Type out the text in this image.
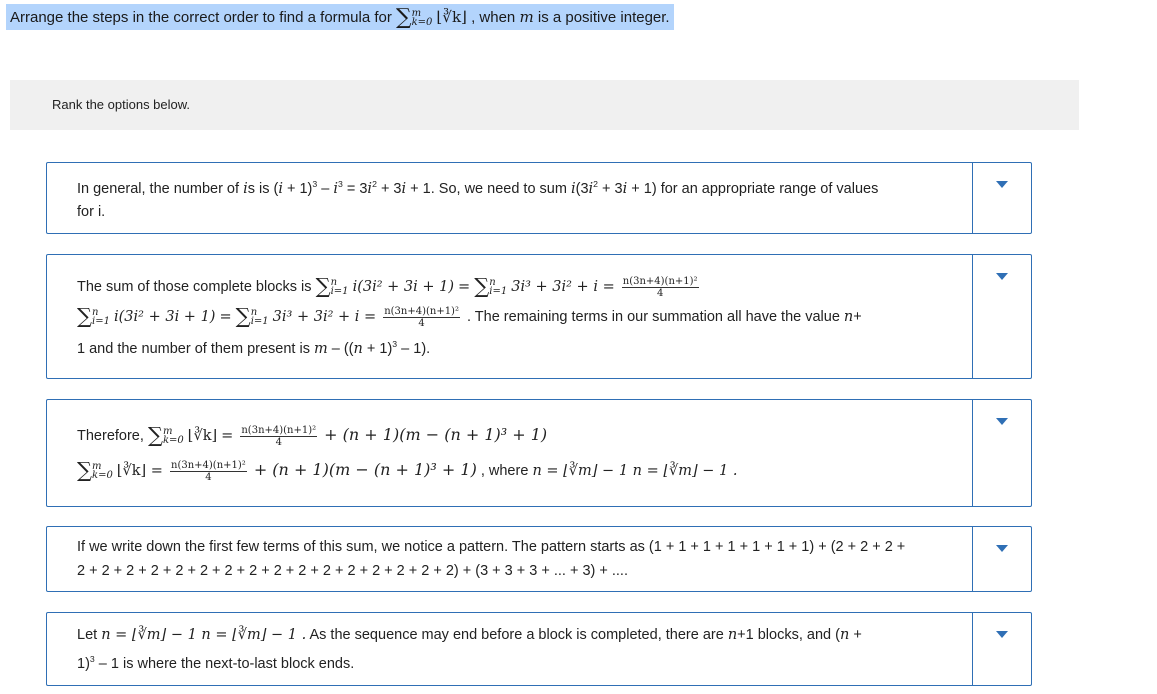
Arrange the steps in the correct order to find a formula for ∑ m
k=0 ⌊∛k⌋ , when m is a positive integer.
Rank the options below.
In general, the number of is is $(i + 1)^3 - i^3 = 3i^2 + 3i + 1$. So, we need to sum $i(3i^2 + 3i + 1)$ for an appropriate range of values
for i.
The sum of those complete blocks is ∑ n
i=1 i(3i² + 3i + 1) = ∑ n
i=1 $3i^3 + 3i^2 + i = \frac{\text{n(3n+4)(n+1)²}}{4}$
∑ n
i=1 i(3i² + 3i + 1) = ∑ n
i=1 $3i^3 + 3i^2 + i = \frac{\text{n(3n+4)(n+1)²}}{4}$ . The remaining terms in our summation all have the value n+
1 and the number of them present is $m - ((n + 1)^3 - 1)$.
Therefore, ∑ m
k=0 ⌊∛k⌋ = $\frac{\text{n(3n+4)(n+1)²}}{4} + (n + 1)(m - (n + 1)^3 + 1)$
∑ m
k=0 ⌊∛k⌋ = $\frac{\text{n(3n+4)(n+1)²}}{4} + (n + 1)(m - (n + 1)^3 + 1)$ , where n = ⌊∛m⌋ − 1 n = ⌊∛m⌋ − 1 .
If we write down the first few terms of this sum, we notice a pattern. The pattern starts as (1 + 1 + 1 + 1 + 1 + 1 + 1) + (2 + 2 + 2 +
2 + 2 + 2 + 2 + 2 + 2 + 2 + 2 + 2 + 2 + 2 + 2 + 2 + 2 + 2 + 2) + (3 + 3 + 3 + ... + 3) + ....
Let n = ⌊∛m⌋ − 1 n = ⌊∛m⌋ − 1 . As the sequence may end before a block is completed, there are n+1 blocks, and (n +
1)$^3$ – 1 is where the next-to-last block ends.
